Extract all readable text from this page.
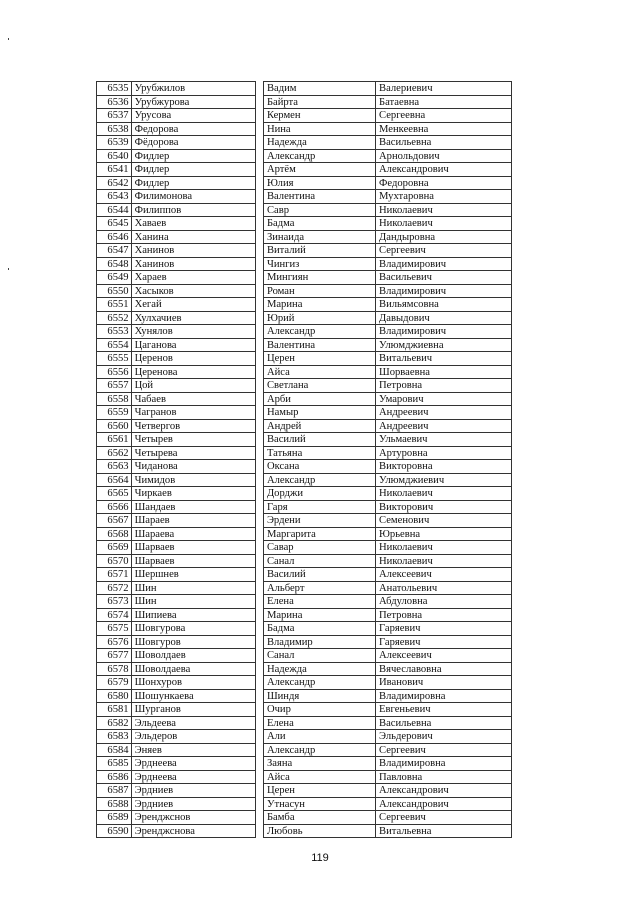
6535	Урубжилов		Вадим	Валериевич
6536	Урубжурова		Байрта	Батаевна
6537	Урусова		Кермен	Сергеевна
6538	Федорова		Нина	Менкеевна
6539	Фёдорова		Надежда	Васильевна
6540	Фидлер		Александр	Арнольдович
6541	Фидлер		Артём	Александрович
6542	Фидлер		Юлия	Федоровна
6543	Филимонова		Валентина	Мухтаровна
6544	Филиппов		Савр	Николаевич
6545	Хаваев		Бадма	Николаевич
6546	Ханина		Зинаида	Дандыровна
6547	Ханинов		Виталий	Сергеевич
6548	Ханинов		Чингиз	Владимирович
6549	Хараев		Мингиян	Васильевич
6550	Хасыков		Роман	Владимирович
6551	Хегай		Марина	Вильямсовна
6552	Хулхачиев		Юрий	Давыдович
6553	Хунялов		Александр	Владимирович
6554	Цаганова		Валентина	Улюмджиевна
6555	Церенов		Церен	Витальевич
6556	Церенова		Айса	Шорваевна
6557	Цой		Светлана	Петровна
6558	Чабаев		Арби	Умарович
6559	Чагранов		Намыр	Андреевич
6560	Четвергов		Андрей	Андреевич
6561	Четырев		Василий	Ульмаевич
6562	Четырева		Татьяна	Артуровна
6563	Чиданова		Оксана	Викторовна
6564	Чимидов		Александр	Улюмджиевич
6565	Чиркаев		Дорджи	Николаевич
6566	Шандаев		Гаря	Викторович
6567	Шараев		Эрдени	Семенович
6568	Шараева		Маргарита	Юрьевна
6569	Шарваев		Савар	Николаевич
6570	Шарваев		Санал	Николаевич
6571	Шершнев		Василий	Алексеевич
6572	Шин		Альберт	Анатольевич
6573	Шин		Елена	Абдуловна
6574	Шипиева		Марина	Петровна
6575	Шовгурова		Бадма	Гаряевич
6576	Шовгуров		Владимир	Гаряевич
6577	Шоволдаев		Санал	Алексеевич
6578	Шоволдаева		Надежда	Вячеславовна
6579	Шонхуров		Александр	Иванович
6580	Шошункаева		Шиндя	Владимировна
6581	Шурганов		Очир	Евгеньевич
6582	Эльдеева		Елена	Васильевна
6583	Эльдеров		Али	Эльдерович
6584	Эняев		Александр	Сергеевич
6585	Эрднеева		Заяна	Владимировна
6586	Эрднеева		Айса	Павловна
6587	Эрдниев		Церен	Александрович
6588	Эрдниев		Утнасун	Александрович
6589	Эренджснов		Бамба	Сергеевич
6590	Эренджснова		Любовь	Витальевна
119
